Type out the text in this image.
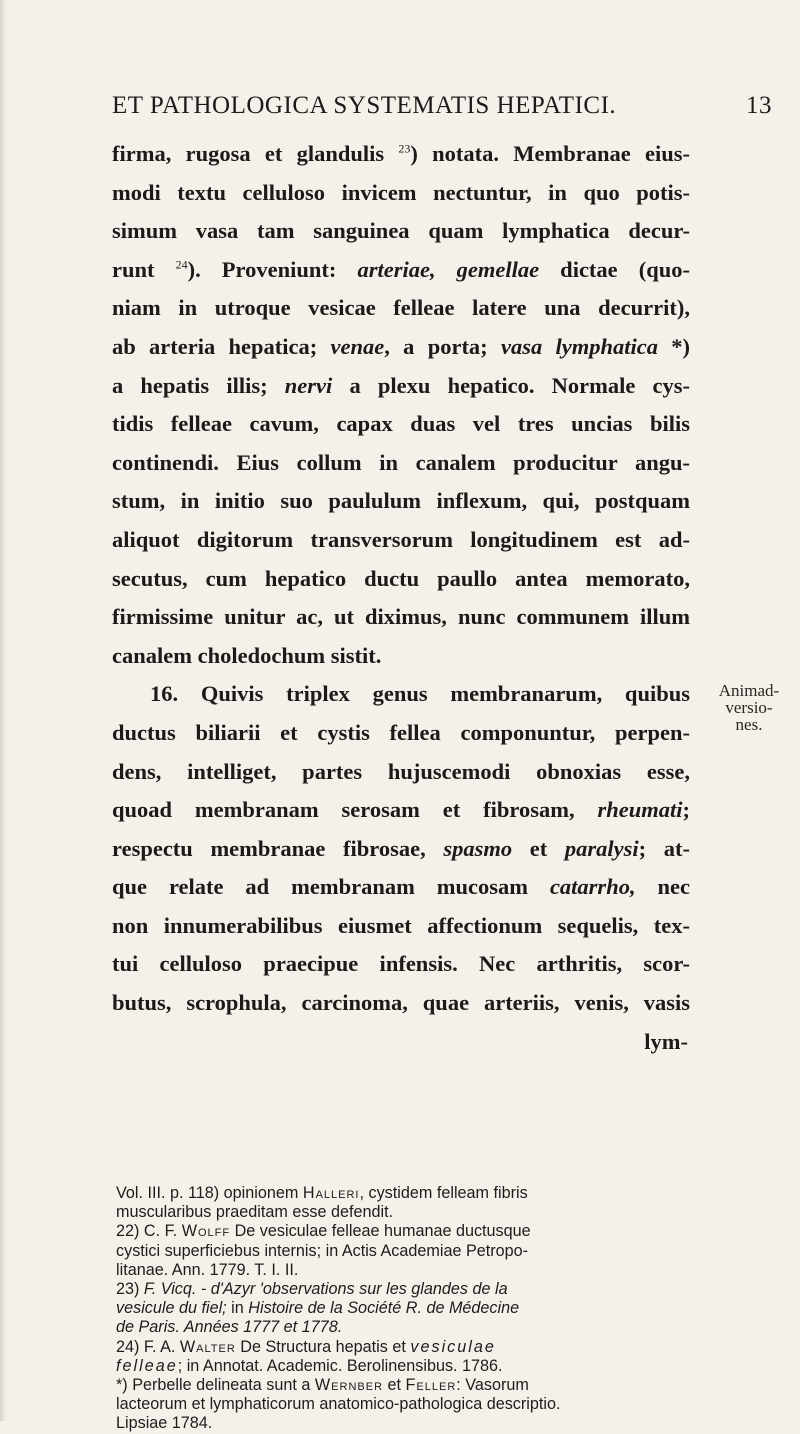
ET PATHOLOGICA SYSTEMATIS HEPATICI.	13
firma, rugosa et glandulis $^{23}$) notata. Membranae eius-
modi textu celluloso invicem nectuntur, in quo potis-
simum vasa tam sanguinea quam lymphatica decur-
runt $^{24}$). Proveniunt: arteriae, gemellae dictae (quo-
niam in utroque vesicae felleae latere una decurrit),
ab arteria hepatica; venae, a porta; vasa lymphatica *)
a hepatis illis; nervi a plexu hepatico. Normale cys-
tidis felleae cavum, capax duas vel tres uncias bilis
continendi. Eius collum in canalem producitur angu-
stum, in initio suo paululum inflexum, qui, postquam
aliquot digitorum transversorum longitudinem est ad-
secutus, cum hepatico ductu paullo antea memorato,
firmissime unitur ac, ut diximus, nunc communem illum
canalem choledochum sistit.
16. Quivis triplex genus membranarum, quibus
ductus biliarii et cystis fellea componuntur, perpen-
dens, intelliget, partes hujuscemodi obnoxias esse,
quoad membranam serosam et fibrosam, rheumati;
respectu membranae fibrosae, spasmo et paralysi; at-
que relate ad membranam mucosam catarrho, nec
non innumerabilibus eiusmet affectionum sequelis, tex-
tui celluloso praecipue infensis. Nec arthritis, scor-
butus, scrophula, carcinoma, quae arteriis, venis, vasis
lym-
Animad-
versio-
nes.
Vol. III. p. 118) opinionem Halleri, cystidem felleam fibris
muscularibus praeditam esse defendit.
22) C. F. Wolff De vesiculae felleae humanae ductusque
cystici superficiebus internis; in Actis Academiae Petropo-
litanae. Ann. 1779. T. I. II.
23) F. Vicq. - d'Azyr 'observations sur les glandes de la
vesicule du fiel; in Histoire de la Société R. de Médecine
de Paris. Années 1777 et 1778.
24) F. A. Walter De Structura hepatis et vesiculae
felleae; in Annotat. Academic. Berolinensibus. 1786.
*) Perbelle delineata sunt a Wernber et Feller: Vasorum
lacteorum et lymphaticorum anatomico-pathologica descriptio.
Lipsiae 1784.
